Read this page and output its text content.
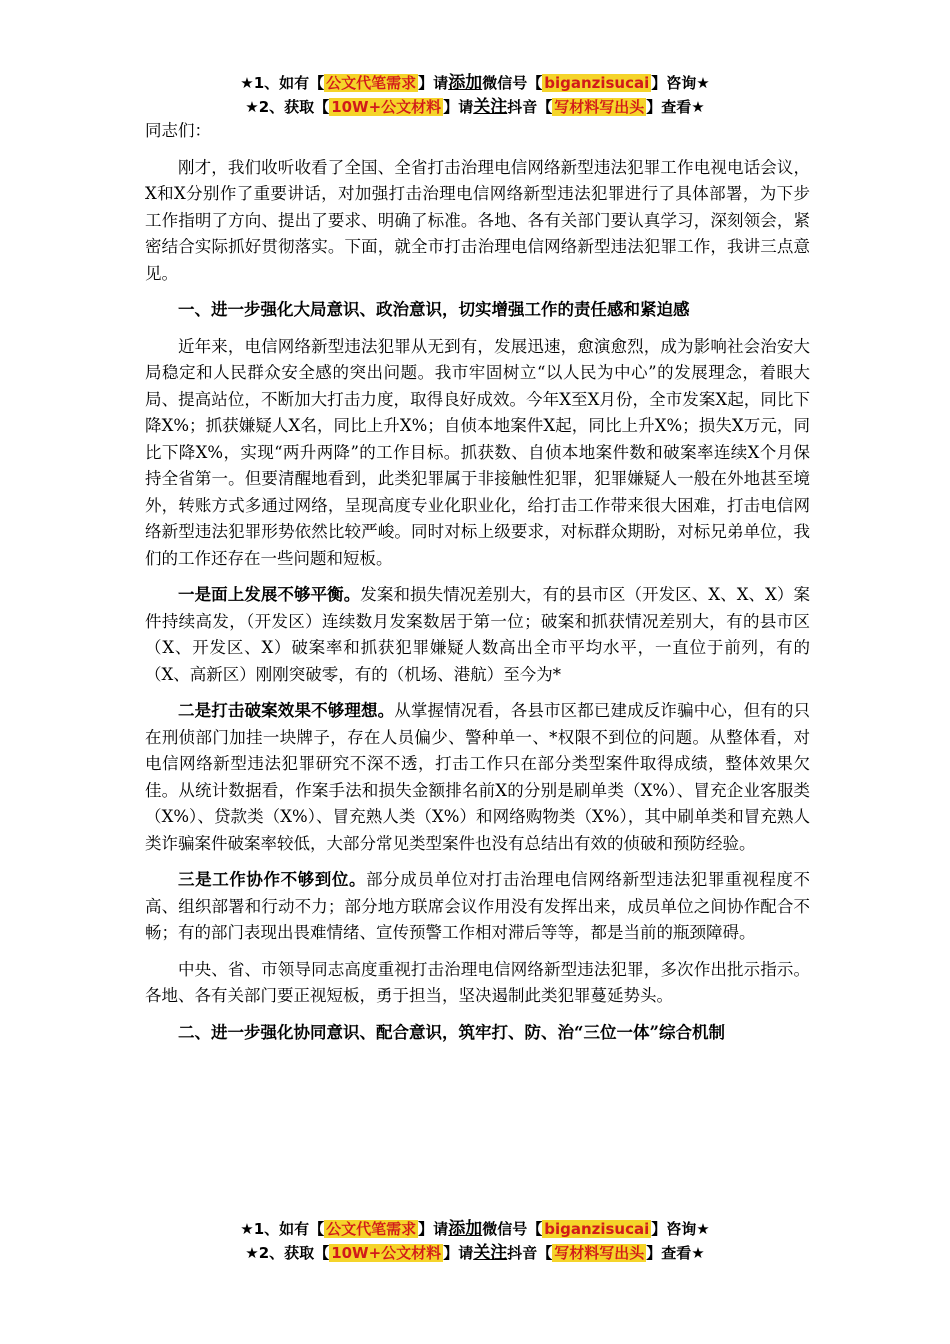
★1、如有【 公文代笔需求 】请添加微信号【 biganzisucai 】咨询★
★2、获取【 10W+公文材料 】请关注抖音【 写材料写出头 】查看★

同志们：

刚才，我们收听收看了全国、全省打击治理电信网络新型违法犯罪工作电视电话会议，X和X分别作了重要讲话，对加强打击治理电信网络新型违法犯罪进行了具体部署，为下步工作指明了方向、提出了要求、明确了标准。各地、各有关部门要认真学习，深刻领会，紧密结合实际抓好贯彻落实。下面，就全市打击治理电信网络新型违法犯罪工作，我讲三点意见。

一、进一步强化大局意识、政治意识，切实增强工作的责任感和紧迫感

近年来，电信网络新型违法犯罪从无到有，发展迅速，愈演愈烈，成为影响社会治安大局稳定和人民群众安全感的突出问题。我市牢固树立“以人民为中心”的发展理念，着眼大局、提高站位，不断加大打击力度，取得良好成效。今年X至X月份，全市发案X起，同比下降X%；抓获嫌疑人X名，同比上升X%；自侦本地案件X起，同比上升X%；损失X万元，同比下降X%，实现“两升两降”的工作目标。抓获数、自侦本地案件数和破案率连续X个月保持全省第一。但要清醒地看到，此类犯罪属于非接触性犯罪，犯罪嫌疑人一般在外地甚至境外，转账方式多通过网络，呈现高度专业化职业化，给打击工作带来很大困难，打击电信网络新型违法犯罪形势依然比较严峻。同时对标上级要求，对标群众期盼，对标兄弟单位，我们的工作还存在一些问题和短板。

一是面上发展不够平衡。发案和损失情况差别大，有的县市区（开发区、X、X、X）案件持续高发，（开发区）连续数月发案数居于第一位；破案和抓获情况差别大，有的县市区（X、开发区、X）破案率和抓获犯罪嫌疑人数高出全市平均水平，一直位于前列，有的（X、高新区）刚刚突破零，有的（机场、港航）至今为*

二是打击破案效果不够理想。从掌握情况看，各县市区都已建成反诈骗中心，但有的只在刑侦部门加挂一块牌子，存在人员偏少、警种单一、*权限不到位的问题。从整体看，对电信网络新型违法犯罪研究不深不透，打击工作只在部分类型案件取得成绩，整体效果欠佳。从统计数据看，作案手法和损失金额排名前X的分别是刷单类（X%）、冒充企业客服类（X%）、贷款类（X%）、冒充熟人类（X%）和网络购物类（X%），其中刷单类和冒充熟人类诈骗案件破案率较低，大部分常见类型案件也没有总结出有效的侦破和预防经验。

三是工作协作不够到位。部分成员单位对打击治理电信网络新型违法犯罪重视程度不高、组织部署和行动不力；部分地方联席会议作用没有发挥出来，成员单位之间协作配合不畅；有的部门表现出畏难情绪、宣传预警工作相对滞后等等，都是当前的瓶颈障碍。

中央、省、市领导同志高度重视打击治理电信网络新型违法犯罪，多次作出批示指示。各地、各有关部门要正视短板，勇于担当，坚决遏制此类犯罪蔓延势头。

二、进一步强化协同意识、配合意识，筑牢打、防、治“三位一体”综合机制

★1、如有【 公文代笔需求 】请添加微信号【 biganzisucai 】咨询★
★2、获取【 10W+公文材料 】请关注抖音【 写材料写出头 】查看★
